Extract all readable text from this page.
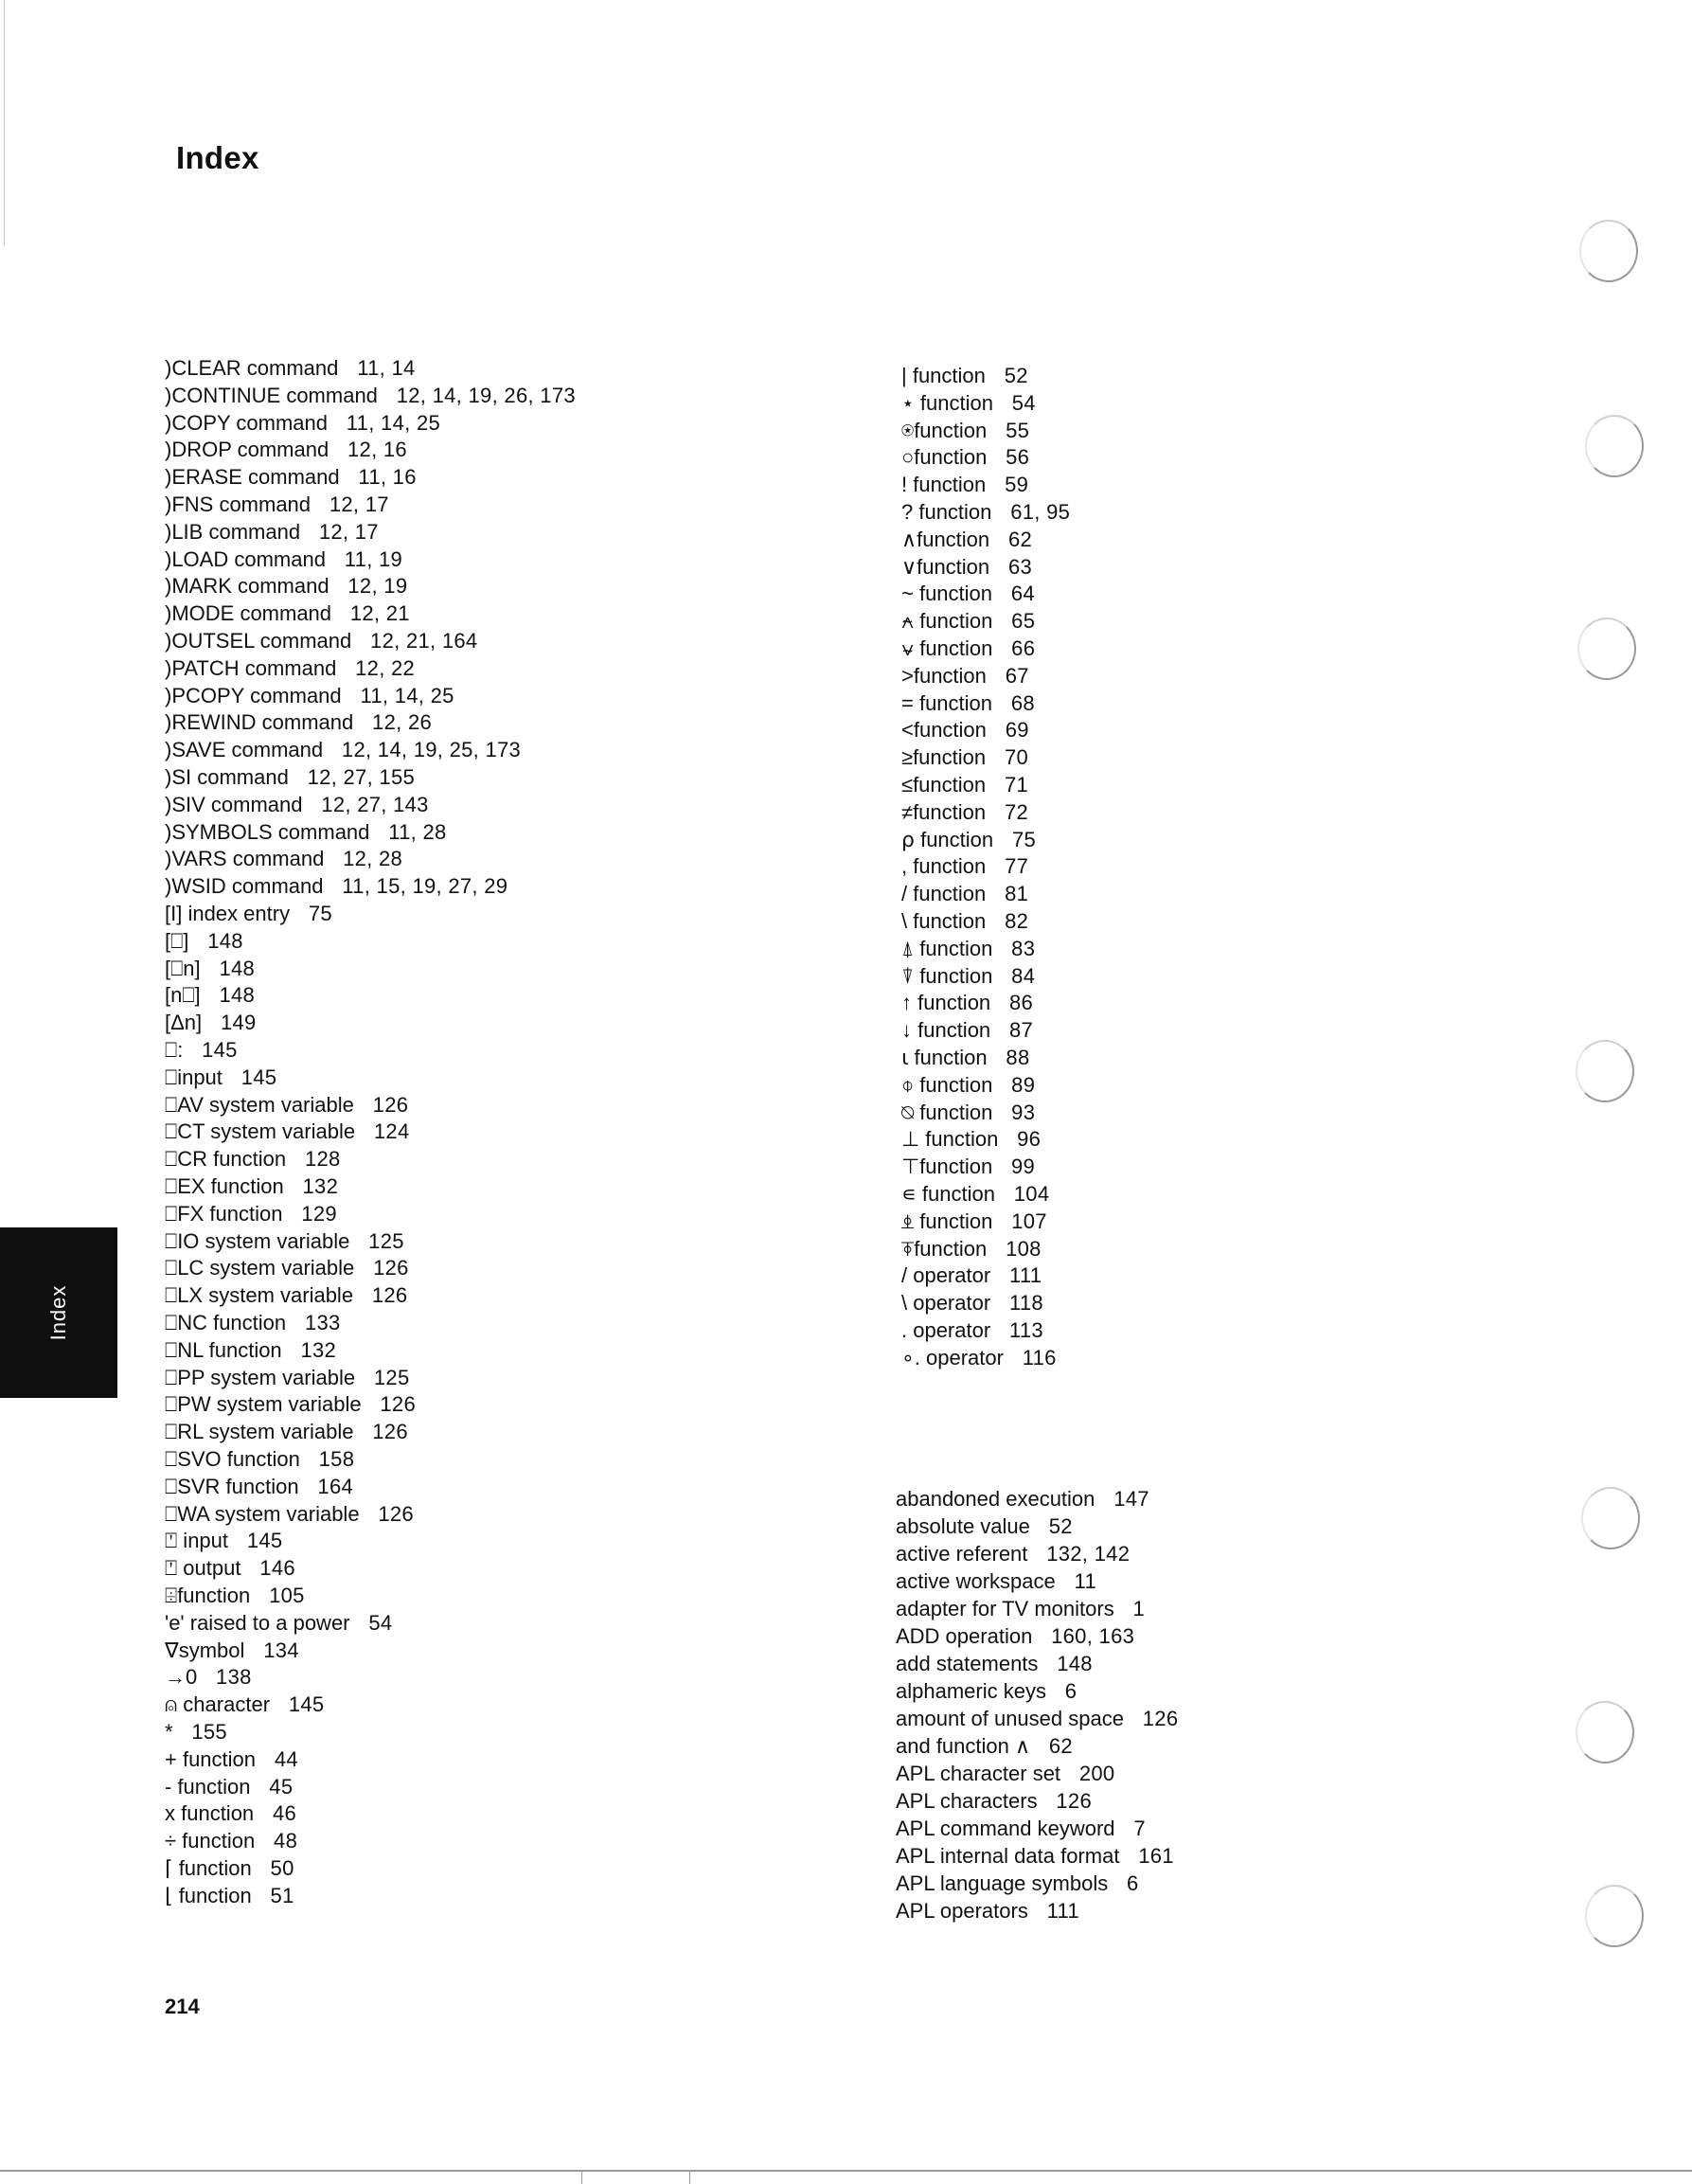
Index
)CLEAR command 11, 14
)CONTINUE command 12, 14, 19, 26, 173
)COPY command 11, 14, 25
)DROP command 12, 16
)ERASE command 11, 16
)FNS command 12, 17
)LIB command 12, 17
)LOAD command 11, 19
)MARK command 12, 19
)MODE command 12, 21
)OUTSEL command 12, 21, 164
)PATCH command 12, 22
)PCOPY command 11, 14, 25
)REWIND command 12, 26
)SAVE command 12, 14, 19, 25, 173
)SI command 12, 27, 155
)SIV command 12, 27, 143
)SYMBOLS command 11, 28
)VARS command 12, 28
)WSID command 11, 15, 19, 27, 29
[I] index entry 75
[⎕] 148
[⎕n] 148
[n⎕] 148
[Δn] 149
⎕: 145
⎕input 145
⎕AV system variable 126
⎕CT system variable 124
⎕CR function 128
⎕EX function 132
⎕FX function 129
⎕IO system variable 125
⎕LC system variable 126
⎕LX system variable 126
⎕NC function 133
⎕NL function 132
⎕PP system variable 125
⎕PW system variable 126
⎕RL system variable 126
⎕SVO function 158
⎕SVR function 164
⎕WA system variable 126
⍞ input 145
⍞ output 146
⌹function 105
'e' raised to a power 54
∇symbol 134
→0 138
⍝ character 145
* 155
+ function 44
- function 45
x function 46
÷ function 48
⌈ function 50
⌊ function 51
| function 52
⋆ function 54
⍟function 55
○function 56
! function 59
? function 61, 95
∧function 62
∨function 63
~ function 64
⍲ function 65
⍱ function 66
>function 67
= function 68
<function 69
≥function 70
≤function 71
≠function 72
⍴ function 75
, function 77
/ function 81
\ function 82
⍋ function 83
⍒ function 84
↑ function 86
↓ function 87
⍳ function 88
⌽ function 89
⍉ function 93
⊥ function 96
⊤function 99
∊ function 104
⍎ function 107
⍕function 108
/ operator 111
\ operator 118
. operator 113
∘. operator 116
abandoned execution 147
absolute value 52
active referent 132, 142
active workspace 11
adapter for TV monitors 1
ADD operation 160, 163
add statements 148
alphameric keys 6
amount of unused space 126
and function ∧ 62
APL character set 200
APL characters 126
APL command keyword 7
APL internal data format 161
APL language symbols 6
APL operators 111
214
Index
